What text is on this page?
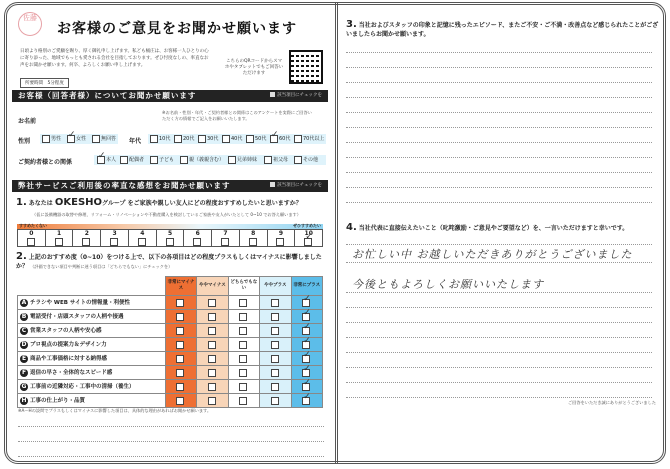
佐藤
お客様のご意見をお聞かせ願います
日頃より格別のご愛顧を賜り、厚く御礼申し上げます。私ども桶庄は、お客様一人ひとりの心に寄り添った、地域でもっとも愛される会社を目指しております。ぜひ忖度なしの、率直なお声をお聞かせ願います。何卒、よろしくお願い申し上げます。
所要時間　5分程度
こちらのQRコードからスマホやタブレットでもご回答いただけます
お客様（回答者様）についてお聞かせ願います	該当項目にチェックを
お名前
※お名前・性別・年代・ご契約者様との関係はこのアンケートを実際にご回答いただく方の情報でご記入をお願いいたします。
性別	男性 ✓	女性	無回答 年代	10代	20代	30代	40代	50代 ✓	60代	70代以上
ご契約者様との関係 ✓	本人	配偶者	子ども	親（義親含む）	兄弟姉妹	祖父母	その他
弊社サービスご利用後の率直な感想をお聞かせ願います	該当項目にチェックを
1. あなたは OKESHOグループ をご家族や親しい友人にどの程度おすすめしたいと思いますか？
（仮に設備機器の取替や修理、リフォーム・リノベーションや不動産購入を検討しているご家族や友人がいたとして 0~10 でお答え願います）
すすめたくない	ぜひすすめたい
0	1	2	3	4	5	6	7	8	9
✓
2. 上記のおすすめ度（0~10）をつける上で、以下の各項目はどの程度プラスもしくはマイナスに影響しましたか？ （評価できない項目や判断に迷う項目は「どちらでもない」にチェックを）
	非常にマイナス	ややマイナス	どちらでもない	ややプラス	非常にプラス
A チラシや WEB サイトの情報量・利便性					✓
B 電話受付・店頭スタッフの人柄や接遇					✓
C 営業スタッフの人柄や安心感					✓
D プロ視点の提案力＆デザイン力					✓
E 商品や工事価格に対する納得感					✓
F 返信の早さ・全体的なスピード感					✓
G 工事前の近隣対応・工事中の清掃（養生）					✓
H 工事の仕上がり・品質					✓
※A〜Hの設問でプラスもしくはマイナスに影響した項目は、具体的な理由があればお聞かせ願います。
3. 当社およびスタッフの印象と記憶に残ったエピソード、またご不安・ご不満・改善点など感じられたことがございましたらお聞かせ願います。
4. 当社代表に直接伝えたいこと（叱咤激励・ご意見やご要望など）を、一言いただけますと幸いです。
お忙しい中 お越しいただきありがとうございました
今後ともよろしくお願いいたします
ご回答をいただき誠にありがとうございました
